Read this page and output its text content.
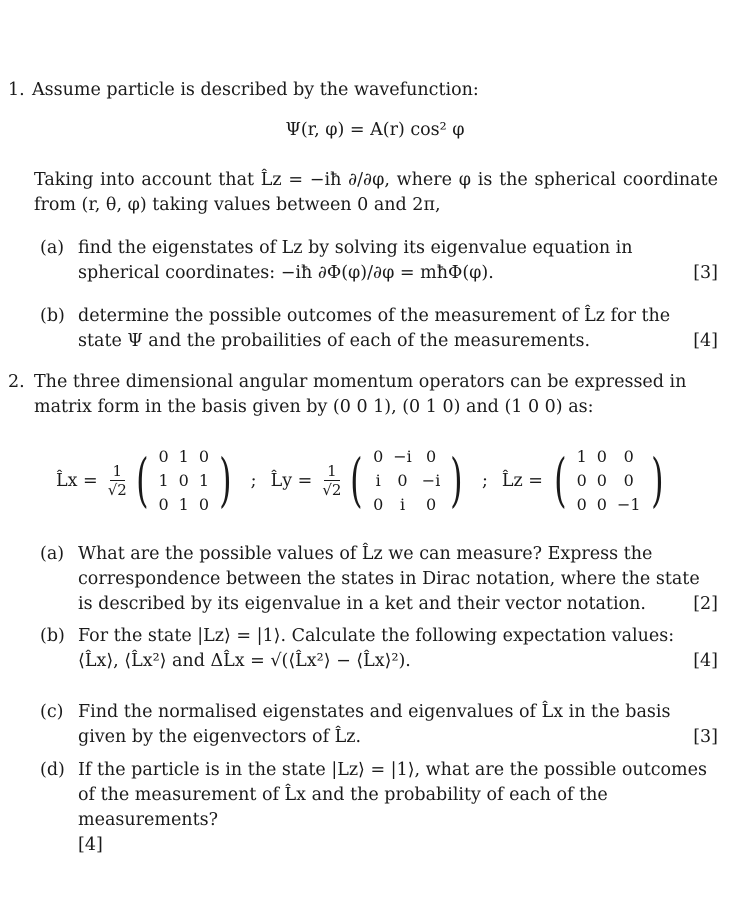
1. Assume particle is described by the wavefunction:
Ψ(r, φ) = A(r) cos² φ
Taking into account that L̂z = −iħ ∂/∂φ, where φ is the spherical coordinate from (r, θ, φ) taking values between 0 and 2π,
(a) find the eigenstates of Lz by solving its eigenvalue equation in spherical coordinates: −iħ ∂Φ(φ)/∂φ = mħΦ(φ).	[3]
(b) determine the possible outcomes of the measurement of L̂z for the state Ψ and the probailities of each of the measurements.	[4]
2. The three dimensional angular momentum operators can be expressed in matrix form in the basis given by (0 0 1), (0 1 0) and (1 0 0) as:
L̂x = $\frac{1}{√2}$ ( 0	1	0
1	0	1
0	1	0 ) ; L̂y = $\frac{1}{√2}$ ( 0	−i	0
i	0	−i
0	i	0 ) ; L̂z = ( 1	0	0
0	0	0
0	0	−1 )
(a) What are the possible values of L̂z we can measure? Express the correspondence between the states in Dirac notation, where the state is described by its eigenvalue in a ket and their vector notation.	[2]
(b) For the state |Lz⟩ = |1⟩. Calculate the following expectation values: ⟨L̂x⟩, ⟨L̂x²⟩ and ΔL̂x = √(⟨L̂x²⟩ − ⟨L̂x⟩²).	[4]
(c) Find the normalised eigenstates and eigenvalues of L̂x in the basis given by the eigenvectors of L̂z.	[3]
(d) If the particle is in the state |Lz⟩ = |1⟩, what are the possible outcomes of the measurement of L̂x and the probability of each of the measurements?
[4]
